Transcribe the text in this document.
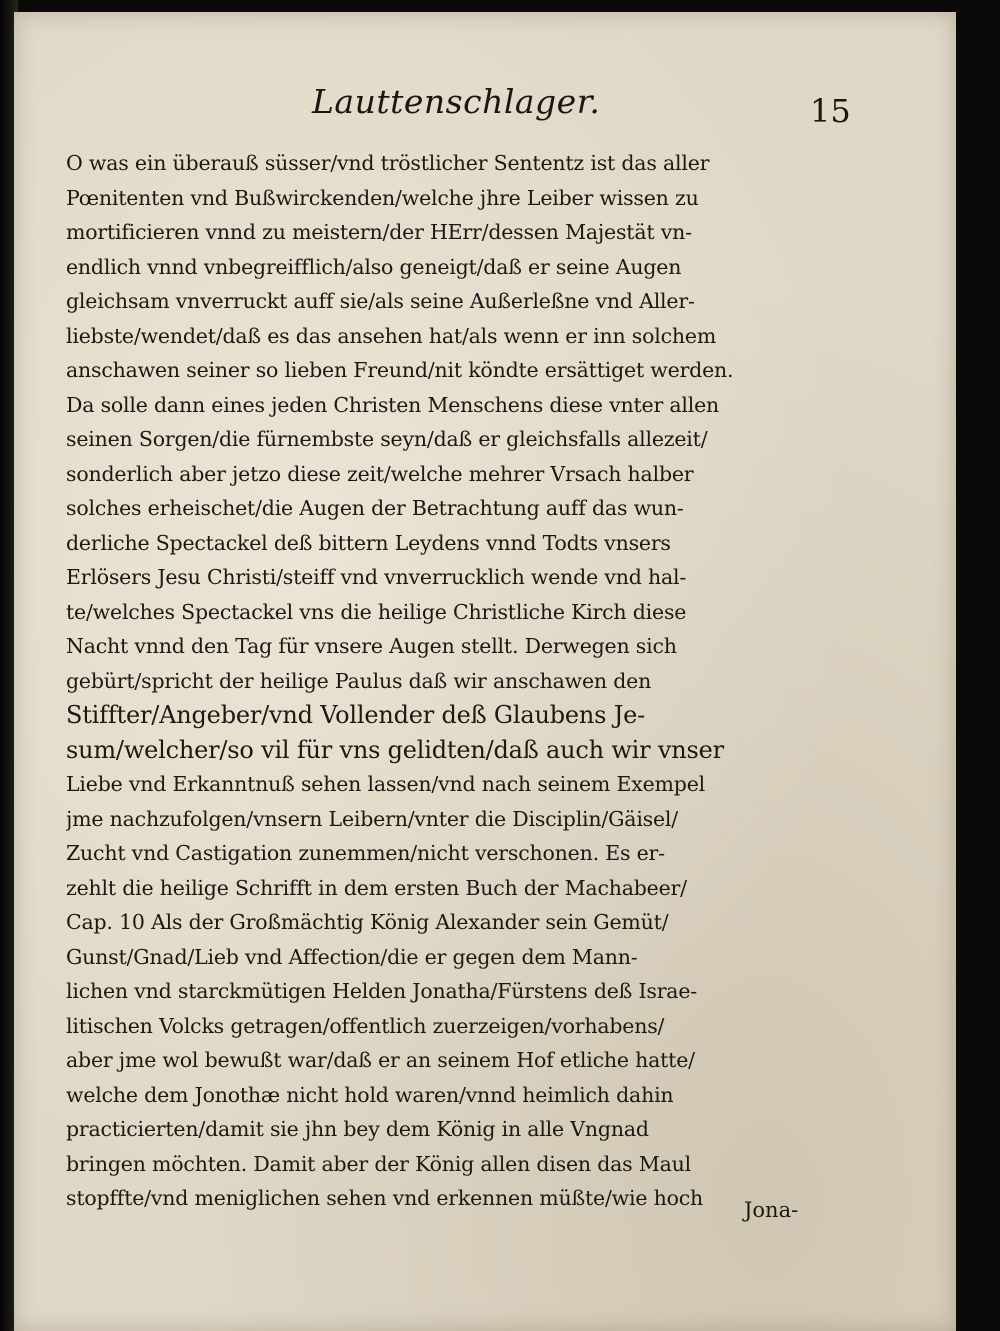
Lauttenschlager.	15
O was ein überauß süsser/vnd tröstlicher Sententz ist das aller
Pœnitenten vnd Bußwirckenden/welche jhre Leiber wissen zu
mortificieren vnnd zu meistern/der HErr/dessen Majestät vn-
endlich vnnd vnbegreifflich/also geneigt/daß er seine Augen
gleichsam vnverruckt auff sie/als seine Außerleßne vnd Aller-
liebste/wendet/daß es das ansehen hat/als wenn er inn solchem
anschawen seiner so lieben Freund/nit köndte ersättiget werden.
Da solle dann eines jeden Christen Menschens diese vnter allen
seinen Sorgen/die fürnembste seyn/daß er gleichsfalls allezeit/
sonderlich aber jetzo diese zeit/welche mehrer Vrsach halber
solches erheischet/die Augen der Betrachtung auff das wun-
derliche Spectackel deß bittern Leydens vnnd Todts vnsers
Erlösers Jesu Christi/steiff vnd vnverrucklich wende vnd hal-
te/welches Spectackel vns die heilige Christliche Kirch diese
Nacht vnnd den Tag für vnsere Augen stellt. Derwegen sich
gebürt/spricht der heilige Paulus daß wir anschawen den
Stiffter/Angeber/vnd Vollender deß Glaubens Je-
sum/welcher/so vil für vns gelidten/daß auch wir vnser
Liebe vnd Erkanntnuß sehen lassen/vnd nach seinem Exempel
jme nachzufolgen/vnsern Leibern/vnter die Disciplin/Gäisel/
Zucht vnd Castigation zunemmen/nicht verschonen. Es er-
zehlt die heilige Schrifft in dem ersten Buch der Machabeer/
Cap. 10 Als der Großmächtig König Alexander sein Gemüt/
Gunst/Gnad/Lieb vnd Affection/die er gegen dem Mann-
lichen vnd starckmütigen Helden Jonatha/Fürstens deß Israe-
litischen Volcks getragen/offentlich zuerzeigen/vorhabens/
aber jme wol bewußt war/daß er an seinem Hof etliche hatte/
welche dem Jonothæ nicht hold waren/vnnd heimlich dahin
practicierten/damit sie jhn bey dem König in alle Vngnad
bringen möchten. Damit aber der König allen disen das Maul
stopffte/vnd meniglichen sehen vnd erkennen müßte/wie hoch	Jona-
